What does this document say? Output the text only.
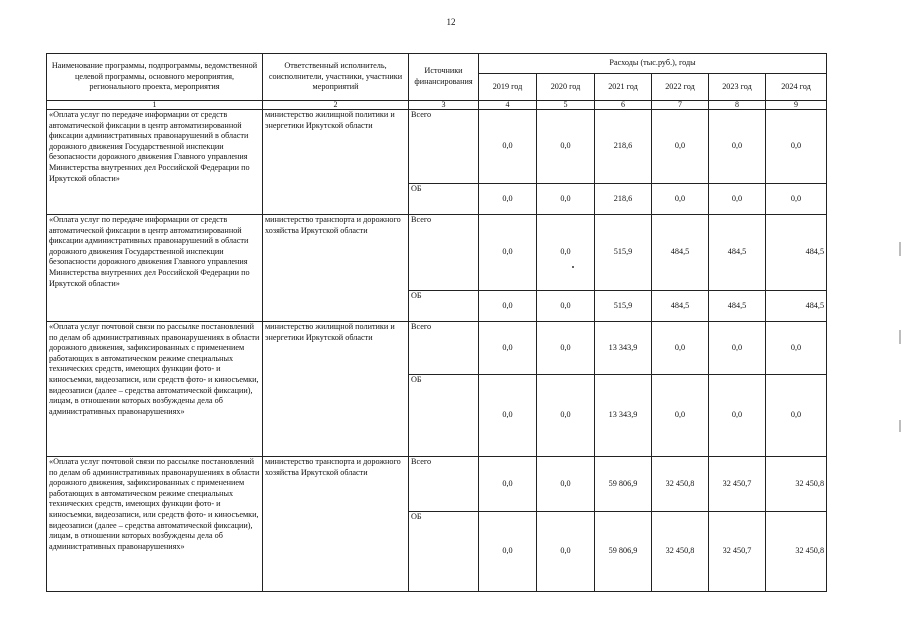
12
Наименование программы, подпрограммы, ведомственной целевой программы, основного мероприятия, регионального проекта, мероприятия	Ответственный исполнитель, соисполнители, участники, участники мероприятий	Источники финансирования	Расходы (тыс.руб.), годы					
			2019 год	2020 год	2021 год	2022 год	2023 год	2024 год
1	2	3	4	5	6	7	8	9
«Оплата услуг по передаче информации от средств автоматической фиксации в центр автоматизированной фиксации административных правонарушений в области дорожного движения Государственной инспекции безопасности дорожного движения Главного управления Министерства внутренних дел Российской Федерации по Иркутской области»	министерство жилищной политики и энергетики Иркутской области	Всего	0,0	0,0	218,6	0,0	0,0	0,0
		ОБ	0,0	0,0	218,6	0,0	0,0	0,0
«Оплата услуг по передаче информации от средств автоматической фиксации в центр автоматизированной фиксации административных правонарушений в области дорожного движения Государственной инспекции безопасности дорожного движения Главного управления Министерства внутренних дел Российской Федерации по Иркутской области»	министерство транспорта и дорожного хозяйства Иркутской области	Всего	0,0	0,0	515,9	484,5	484,5	484,5
		ОБ	0,0	0,0	515,9	484,5	484,5	484,5
«Оплата услуг почтовой связи по рассылке постановлений по делам об административных правонарушениях в области дорожного движения, зафиксированных с применением работающих в автоматическом режиме специальных технических средств, имеющих функции фото- и киносъемки, видеозаписи, или средств фото- и киносъемки, видеозаписи (далее – средства автоматической фиксации), лицам, в отношении которых возбуждены дела об административных правонарушениях»	министерство жилищной политики и энергетики Иркутской области	Всего	0,0	0,0	13 343,9	0,0	0,0	0,0
		ОБ	0,0	0,0	13 343,9	0,0	0,0	0,0
«Оплата услуг почтовой связи по рассылке постановлений по делам об административных правонарушениях в области дорожного движения, зафиксированных с применением работающих в автоматическом режиме специальных технических средств, имеющих функции фото- и киносъемки, видеозаписи, или средств фото- и киносъемки, видеозаписи (далее – средства автоматической фиксации), лицам, в отношении которых возбуждены дела об административных правонарушениях»	министерство транспорта и дорожного хозяйства Иркутской области	Всего	0,0	0,0	59 806,9	32 450,8	32 450,7	32 450,8
		ОБ	0,0	0,0	59 806,9	32 450,8	32 450,7	32 450,8
